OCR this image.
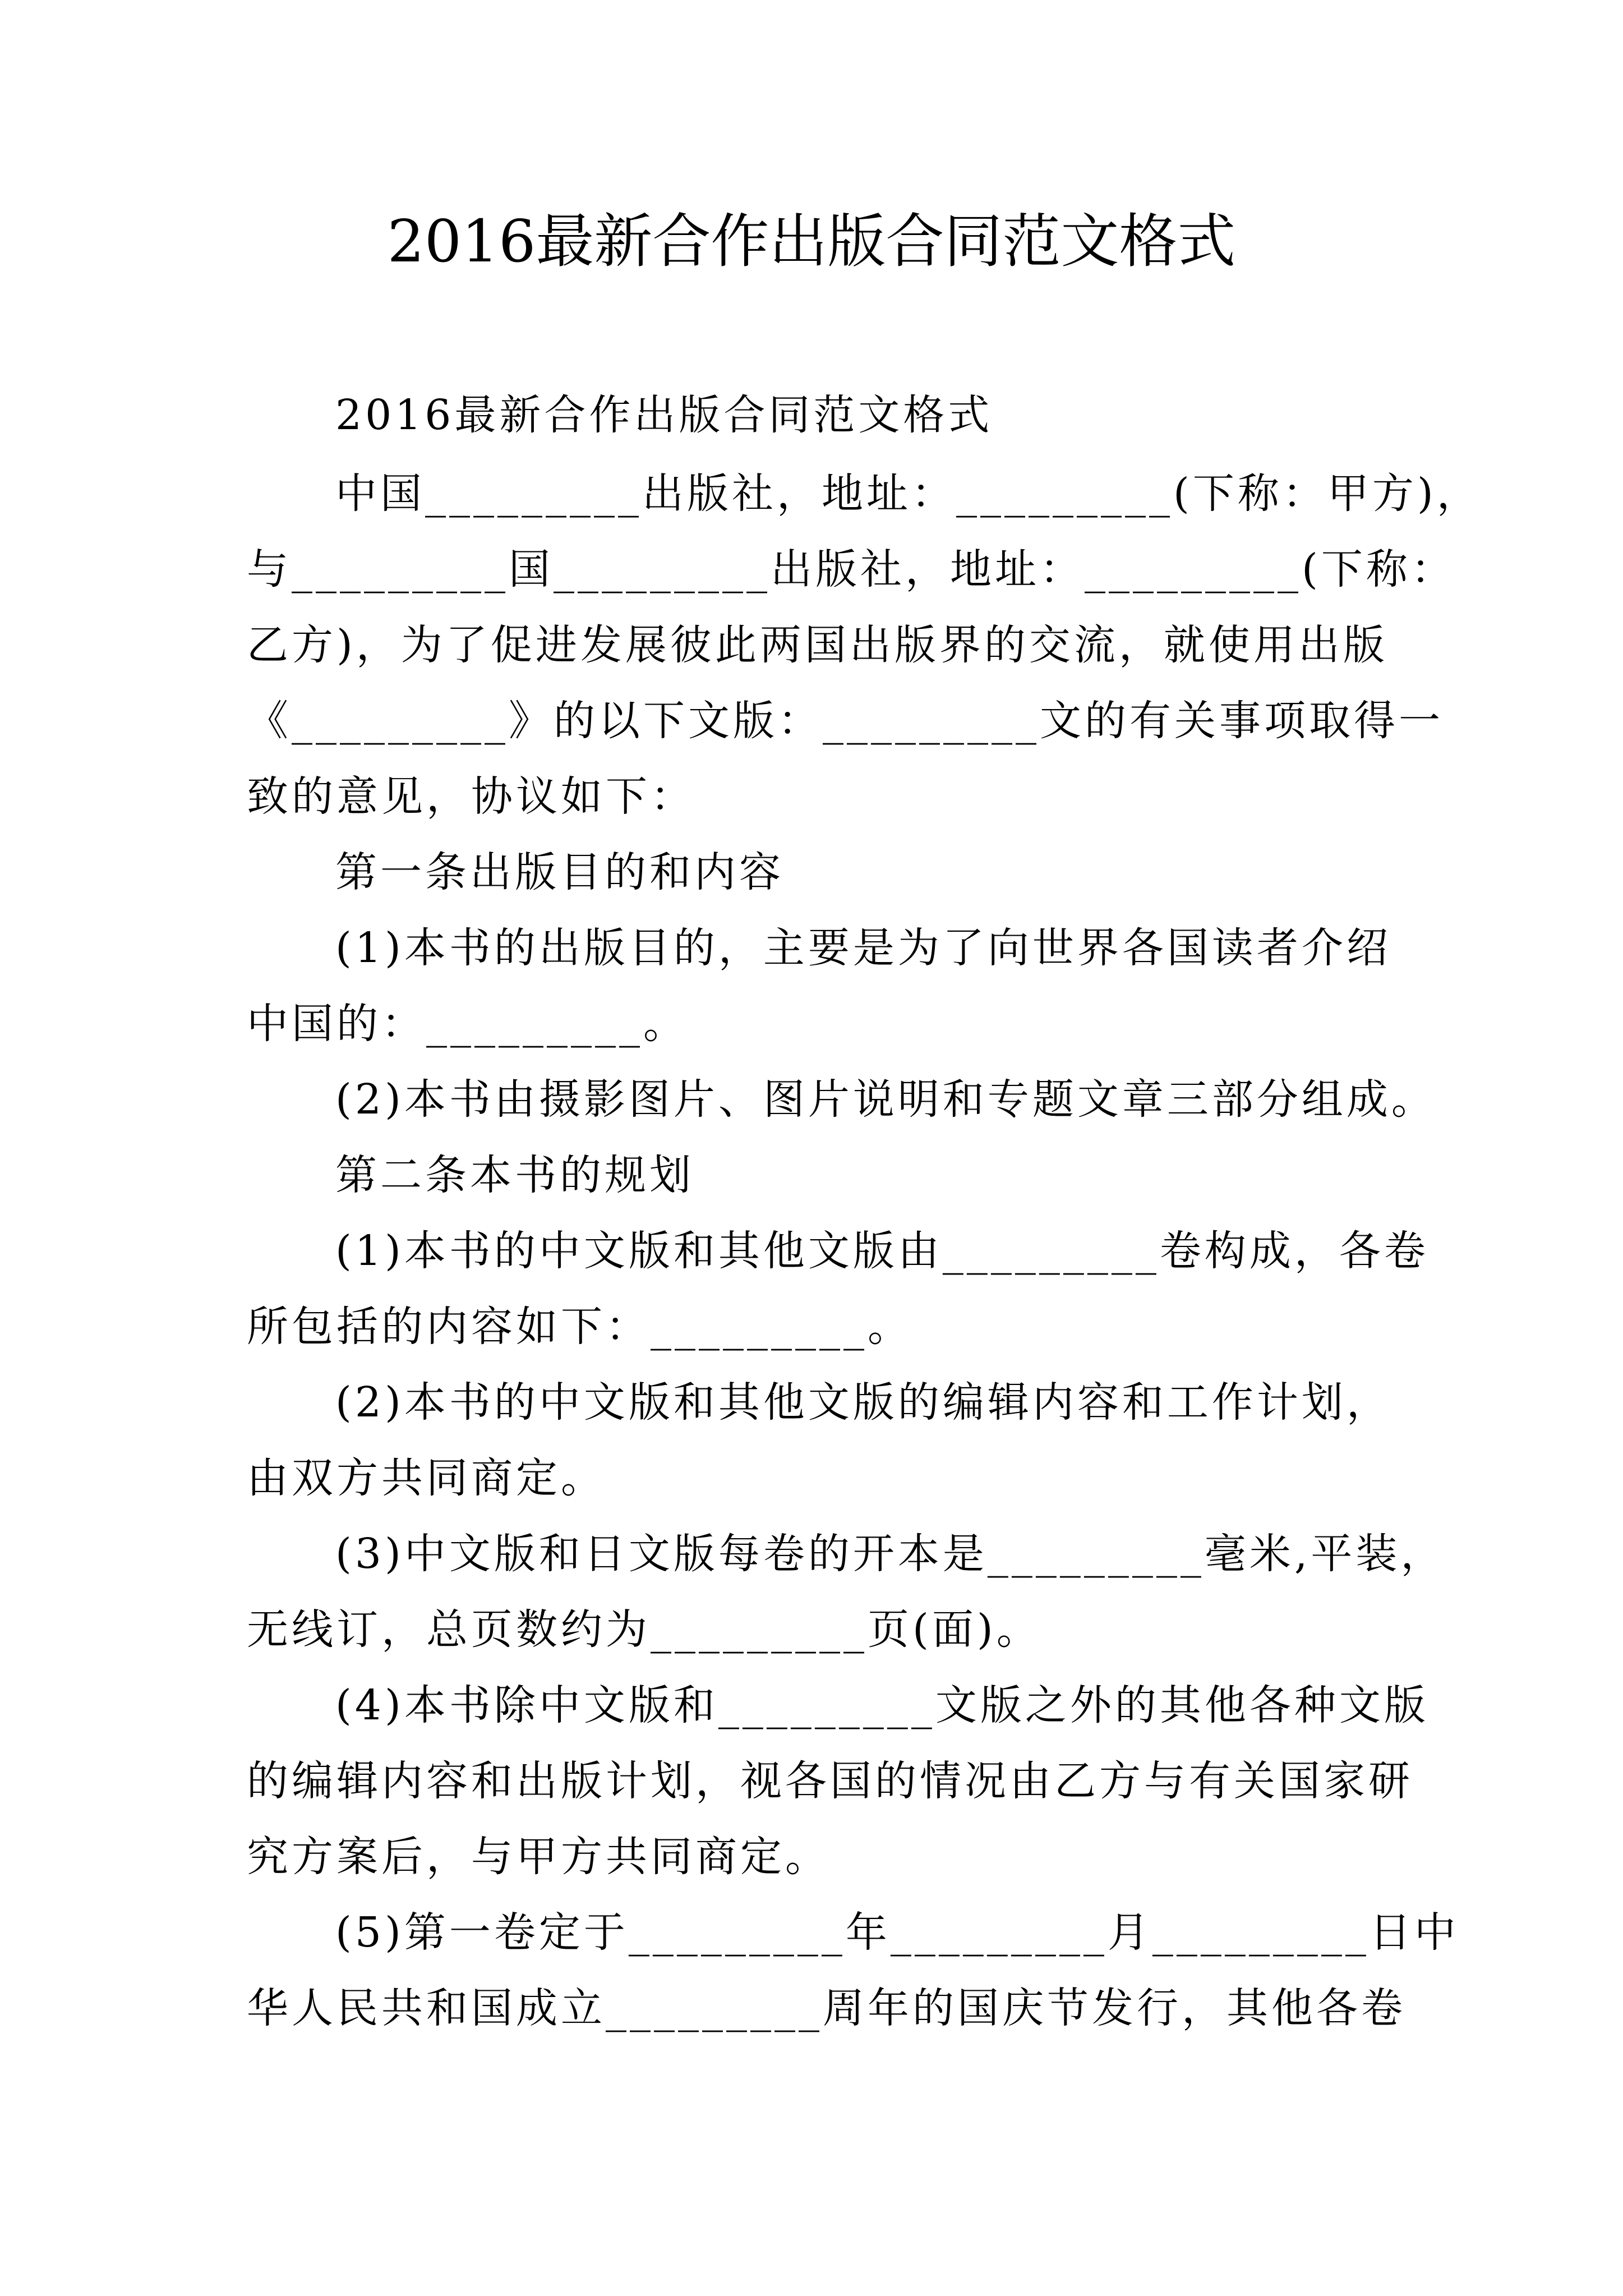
2016最新合作出版合同范文格式
2016最新合作出版合同范文格式
中国_________出版社，地址：_________(下称：甲方)，
与_________国_________出版社，地址：_________(下称：
乙方)，为了促进发展彼此两国出版界的交流，就使用出版
《_________》的以下文版：_________文的有关事项取得一
致的意见，协议如下：
第一条出版目的和内容
(1)本书的出版目的，主要是为了向世界各国读者介绍
中国的：_________。
(2)本书由摄影图片、图片说明和专题文章三部分组成。
第二条本书的规划
(1)本书的中文版和其他文版由_________卷构成，各卷
所包括的内容如下：_________。
(2)本书的中文版和其他文版的编辑内容和工作计划，
由双方共同商定。
(3)中文版和日文版每卷的开本是_________毫米,平装，
无线订，总页数约为_________页(面)。
(4)本书除中文版和_________文版之外的其他各种文版
的编辑内容和出版计划，视各国的情况由乙方与有关国家研
究方案后，与甲方共同商定。
(5)第一卷定于_________年_________月_________日中
华人民共和国成立_________周年的国庆节发行，其他各卷
